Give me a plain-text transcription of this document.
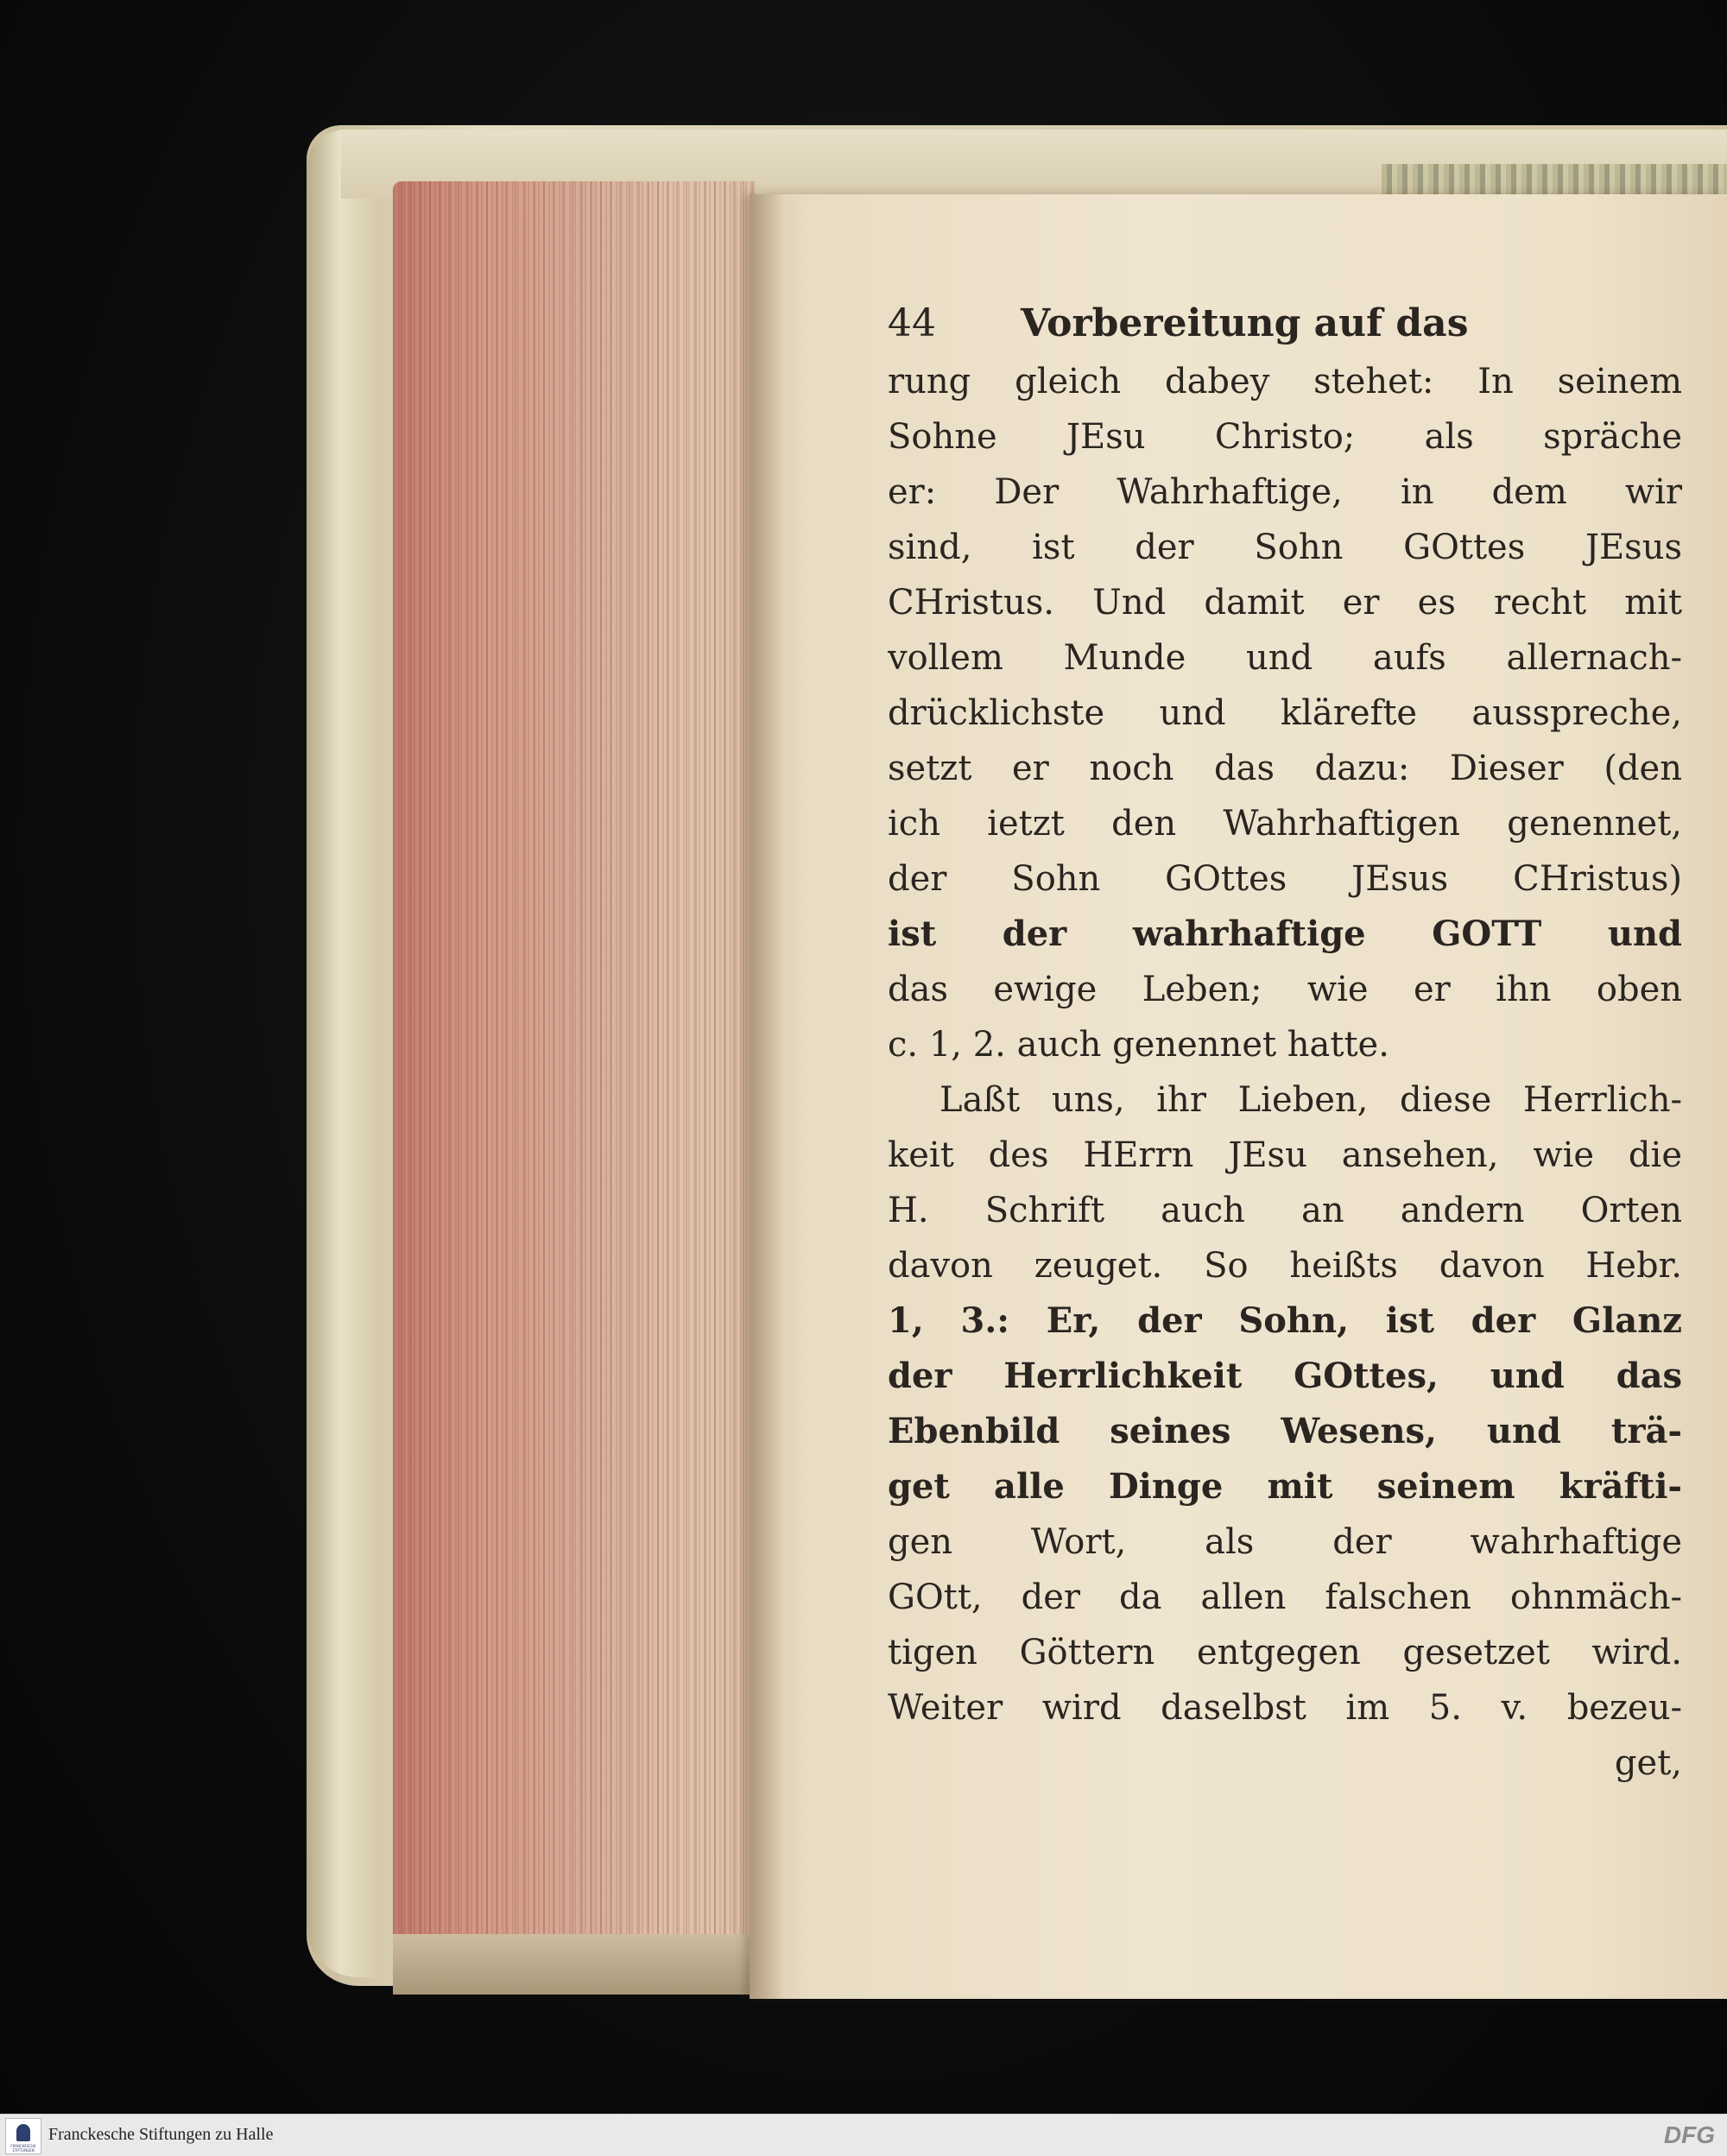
44 Vorbereitung auf das
rung gleich dabey stehet: In seinem
Sohne JEsu Christo; als spräche
er: Der Wahrhaftige, in dem wir
sind, ist der Sohn GOttes JEsus
CHristus. Und damit er es recht mit
vollem Munde und aufs allernach-
drücklichste und klärefte ausspreche,
setzt er noch das dazu: Dieser (den
ich ietzt den Wahrhaftigen genennet,
der Sohn GOttes JEsus CHristus)
ist der wahrhaftige GOTT und
das ewige Leben; wie er ihn oben
c. 1, 2. auch genennet hatte.
Laßt uns, ihr Lieben, diese Herrlich-
keit des HErrn JEsu ansehen, wie die
H. Schrift auch an andern Orten
davon zeuget. So heißts davon Hebr.
1, 3.: Er, der Sohn, ist der Glanz
der Herrlichkeit GOttes, und das
Ebenbild seines Wesens, und trä-
get alle Dinge mit seinem kräfti-
gen Wort, als der wahrhaftige
GOtt, der da allen falschen ohnmäch-
tigen Göttern entgegen gesetzet wird.
Weiter wird daselbst im 5. v. bezeu-
get,
FRANCKESCHE STIFTUNGEN
Franckesche Stiftungen zu Halle	DFG
